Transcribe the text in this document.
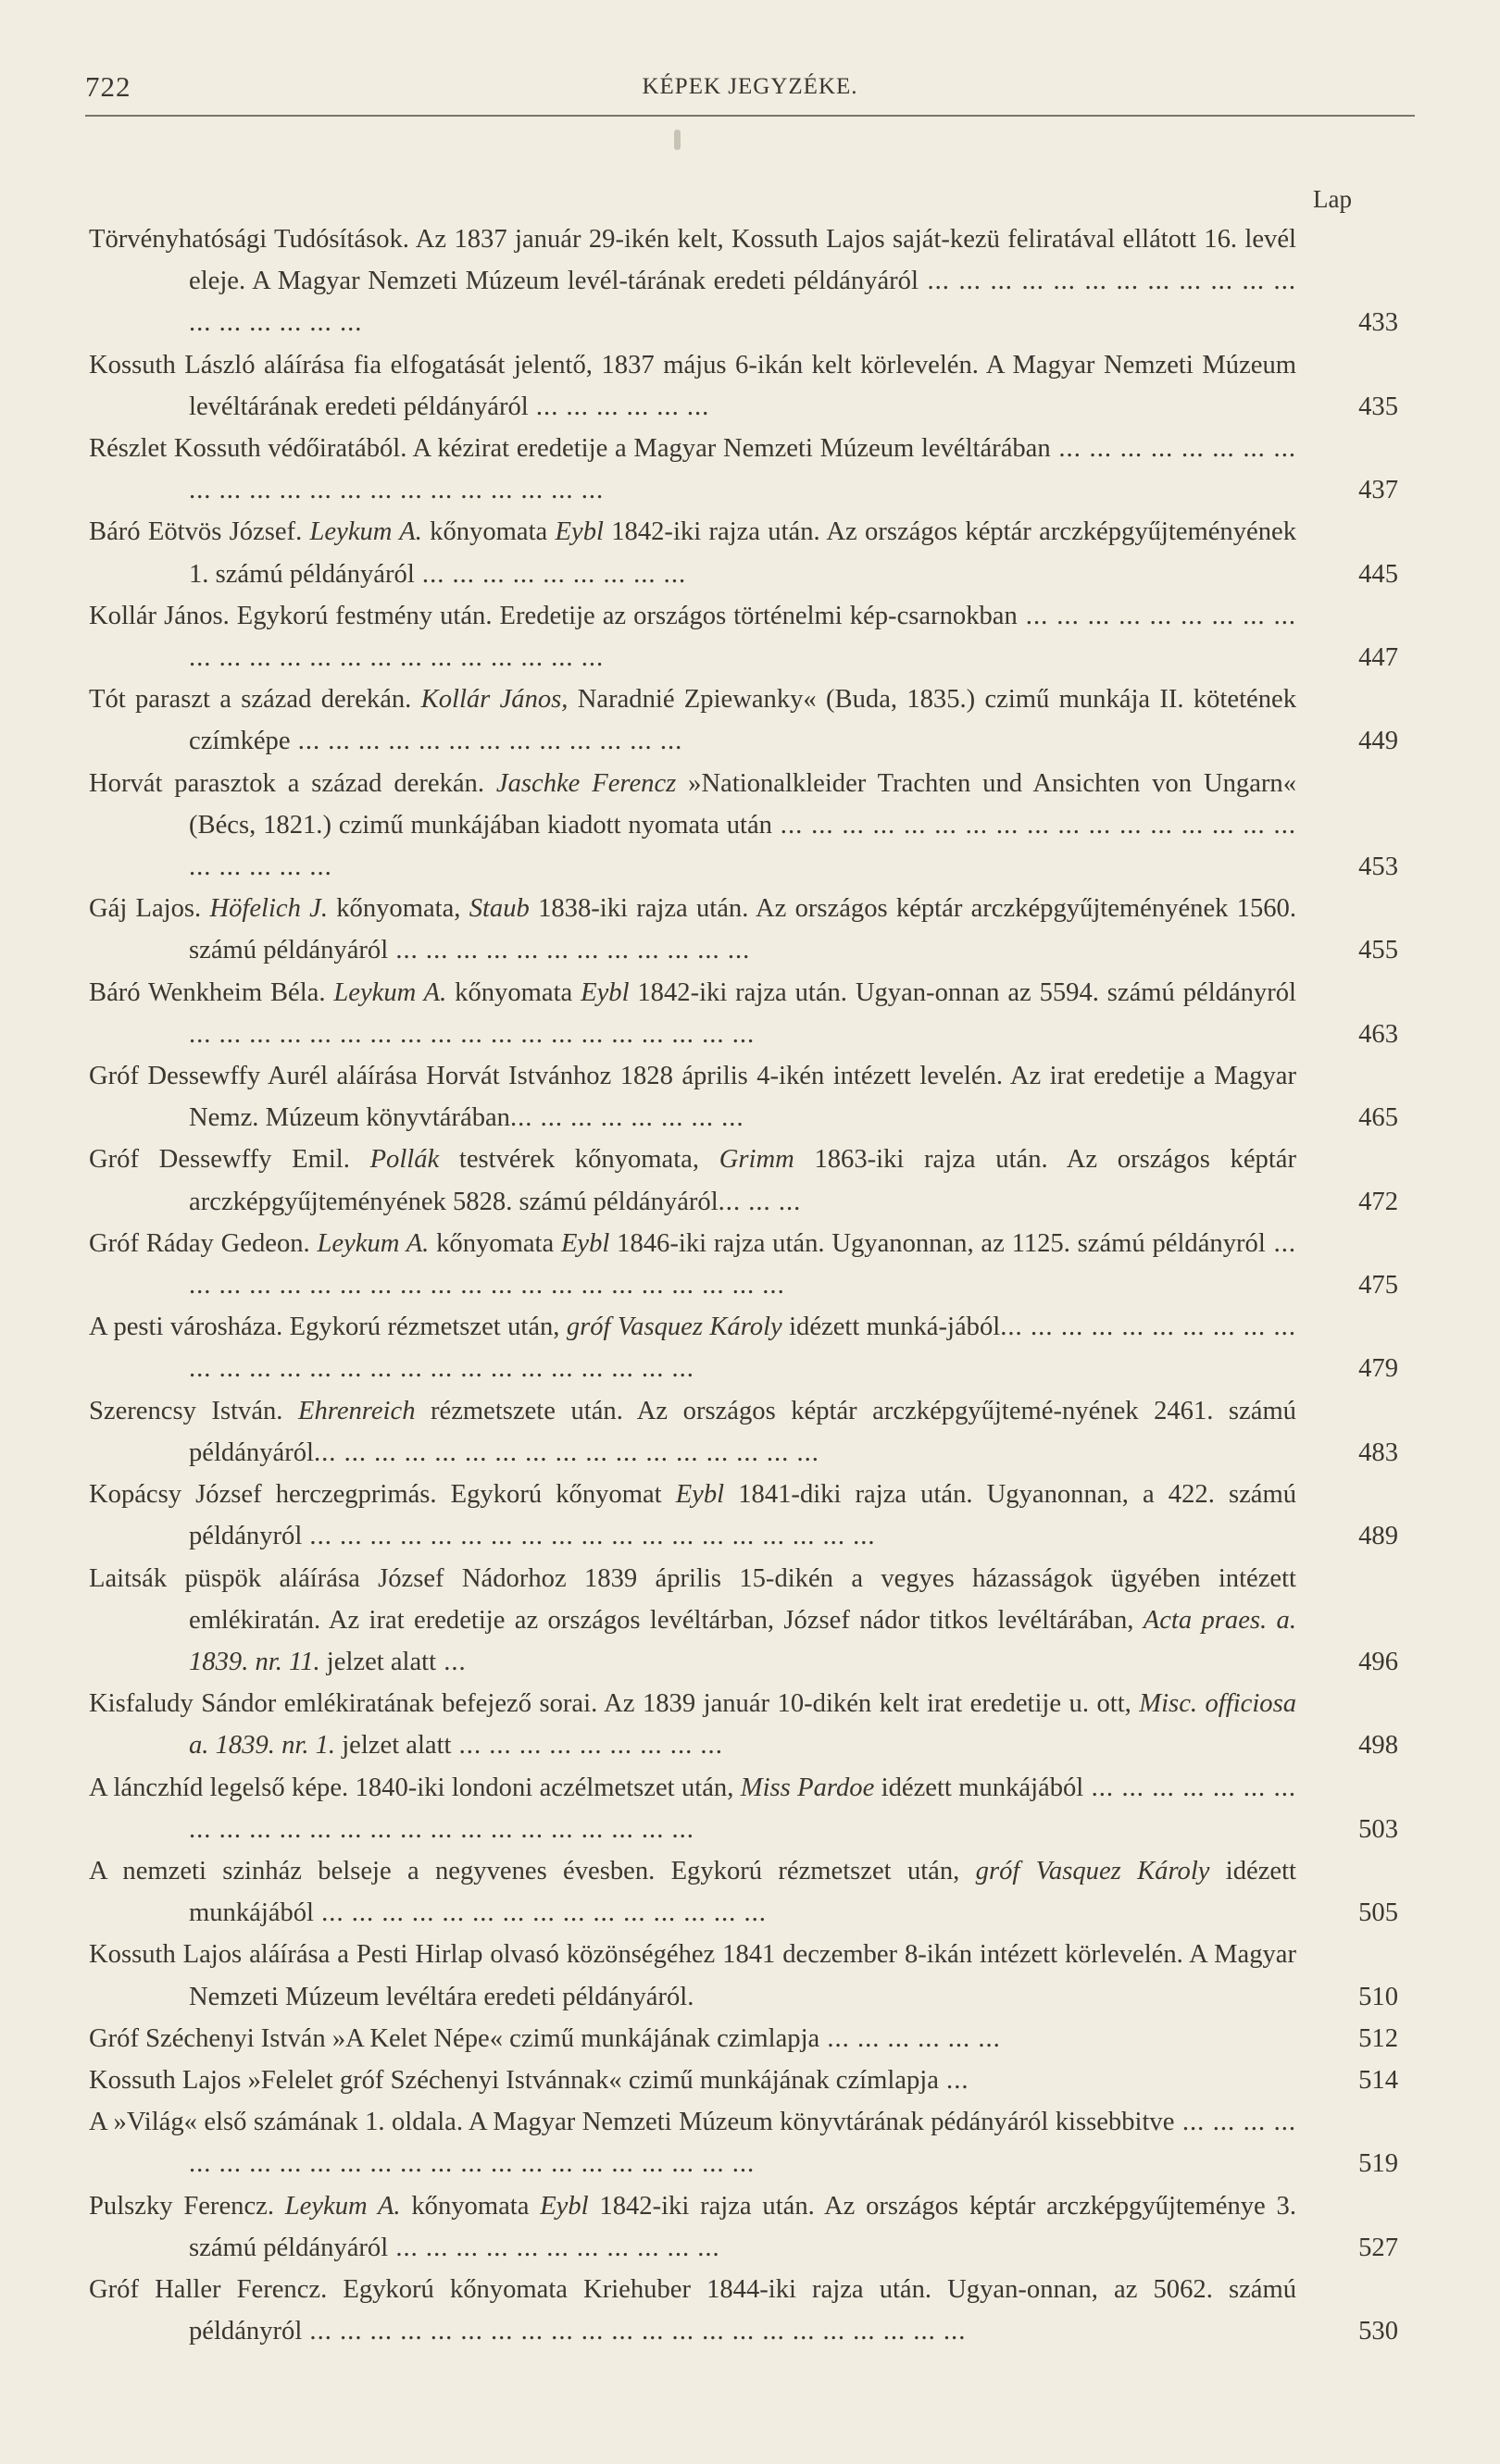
722	KÉPEK JEGYZÉKE.
Lap
Törvényhatósági Tudósítások. Az 1837 január 29-ikén kelt, Kossuth Lajos saját-kezü feliratával ellátott 16. levél eleje. A Magyar Nemzeti Múzeum levél-tárának eredeti példányáról ... ... ... ... ... ... ... ... ... ... ... ... ... ... ... ... ... ...	433
Kossuth László aláírása fia elfogatását jelentő, 1837 május 6-ikán kelt körlevelén. A Magyar Nemzeti Múzeum levéltárának eredeti példányáról ... ... ... ... ... ...	435
Részlet Kossuth védőiratából. A kézirat eredetije a Magyar Nemzeti Múzeum levéltárában ... ... ... ... ... ... ... ... ... ... ... ... ... ... ... ... ... ... ... ... ... ...	437
Báró Eötvös József. Leykum A. kőnyomata Eybl 1842-iki rajza után. Az országos képtár arczképgyűjteményének 1. számú példányáról ... ... ... ... ... ... ... ... ...	445
Kollár János. Egykorú festmény után. Eredetije az országos történelmi kép-csarnokban ... ... ... ... ... ... ... ... ... ... ... ... ... ... ... ... ... ... ... ... ... ... ...	447
Tót paraszt a század derekán. Kollár János, Naradnié Zpiewanky« (Buda, 1835.) czimű munkája II. kötetének czímképe ... ... ... ... ... ... ... ... ... ... ... ... ...	449
Horvát parasztok a század derekán. Jaschke Ferencz »Nationalkleider Trachten und Ansichten von Ungarn« (Bécs, 1821.) czimű munkájában kiadott nyomata után ... ... ... ... ... ... ... ... ... ... ... ... ... ... ... ... ... ... ... ... ... ...	453
Gáj Lajos. Höfelich J. kőnyomata, Staub 1838-iki rajza után. Az országos képtár arczképgyűjteményének 1560. számú példányáról ... ... ... ... ... ... ... ... ... ... ... ...	455
Báró Wenkheim Béla. Leykum A. kőnyomata Eybl 1842-iki rajza után. Ugyan-onnan az 5594. számú példányról ... ... ... ... ... ... ... ... ... ... ... ... ... ... ... ... ... ... ...	463
Gróf Dessewffy Aurél aláírása Horvát Istvánhoz 1828 április 4-ikén intézett levelén. Az irat eredetije a Magyar Nemz. Múzeum könyvtárában... ... ... ... ... ... ... ...	465
Gróf Dessewffy Emil. Pollák testvérek kőnyomata, Grimm 1863-iki rajza után. Az országos képtár arczképgyűjteményének 5828. számú példányáról... ... ...	472
Gróf Ráday Gedeon. Leykum A. kőnyomata Eybl 1846-iki rajza után. Ugyanonnan, az 1125. számú példányról ... ... ... ... ... ... ... ... ... ... ... ... ... ... ... ... ... ... ... ... ...	475
A pesti városháza. Egykorú rézmetszet után, gróf Vasquez Károly idézett munká-jából... ... ... ... ... ... ... ... ... ... ... ... ... ... ... ... ... ... ... ... ... ... ... ... ... ... ...	479
Szerencsy István. Ehrenreich rézmetszete után. Az országos képtár arczképgyűjtemé-nyének 2461. számú példányáról... ... ... ... ... ... ... ... ... ... ... ... ... ... ... ... ...	483
Kopácsy József herczegprimás. Egykorú kőnyomat Eybl 1841-diki rajza után. Ugyanonnan, a 422. számú példányról ... ... ... ... ... ... ... ... ... ... ... ... ... ... ... ... ... ... ...	489
Laitsák püspök aláírása József Nádorhoz 1839 április 15-dikén a vegyes házasságok ügyében intézett emlékiratán. Az irat eredetije az országos levéltárban, József nádor titkos levéltárában, Acta praes. a. 1839. nr. 11. jelzet alatt ...	496
Kisfaludy Sándor emlékiratának befejező sorai. Az 1839 január 10-dikén kelt irat eredetije u. ott, Misc. officiosa a. 1839. nr. 1. jelzet alatt ... ... ... ... ... ... ... ... ...	498
A lánczhíd legelső képe. 1840-iki londoni aczélmetszet után, Miss Pardoe idézett munkájából ... ... ... ... ... ... ... ... ... ... ... ... ... ... ... ... ... ... ... ... ... ... ... ...	503
A nemzeti szinház belseje a negyvenes évesben. Egykorú rézmetszet után, gróf Vasquez Károly idézett munkájából ... ... ... ... ... ... ... ... ... ... ... ... ... ... ...	505
Kossuth Lajos aláírása a Pesti Hirlap olvasó közönségéhez 1841 deczember 8-ikán intézett körlevelén. A Magyar Nemzeti Múzeum levéltára eredeti példányáról.	510
Gróf Széchenyi István »A Kelet Népe« czimű munkájának czimlapja ... ... ... ... ... ...	512
Kossuth Lajos »Felelet gróf Széchenyi Istvánnak« czimű munkájának czímlapja ...	514
A »Világ« első számának 1. oldala. A Magyar Nemzeti Múzeum könyvtárának pédányáról kissebbitve ... ... ... ... ... ... ... ... ... ... ... ... ... ... ... ... ... ... ... ... ... ... ...	519
Pulszky Ferencz. Leykum A. kőnyomata Eybl 1842-iki rajza után. Az országos képtár arczképgyűjteménye 3. számú példányáról ... ... ... ... ... ... ... ... ... ... ...	527
Gróf Haller Ferencz. Egykorú kőnyomata Kriehuber 1844-iki rajza után. Ugyan-onnan, az 5062. számú példányról ... ... ... ... ... ... ... ... ... ... ... ... ... ... ... ... ... ... ... ... ... ...	530
